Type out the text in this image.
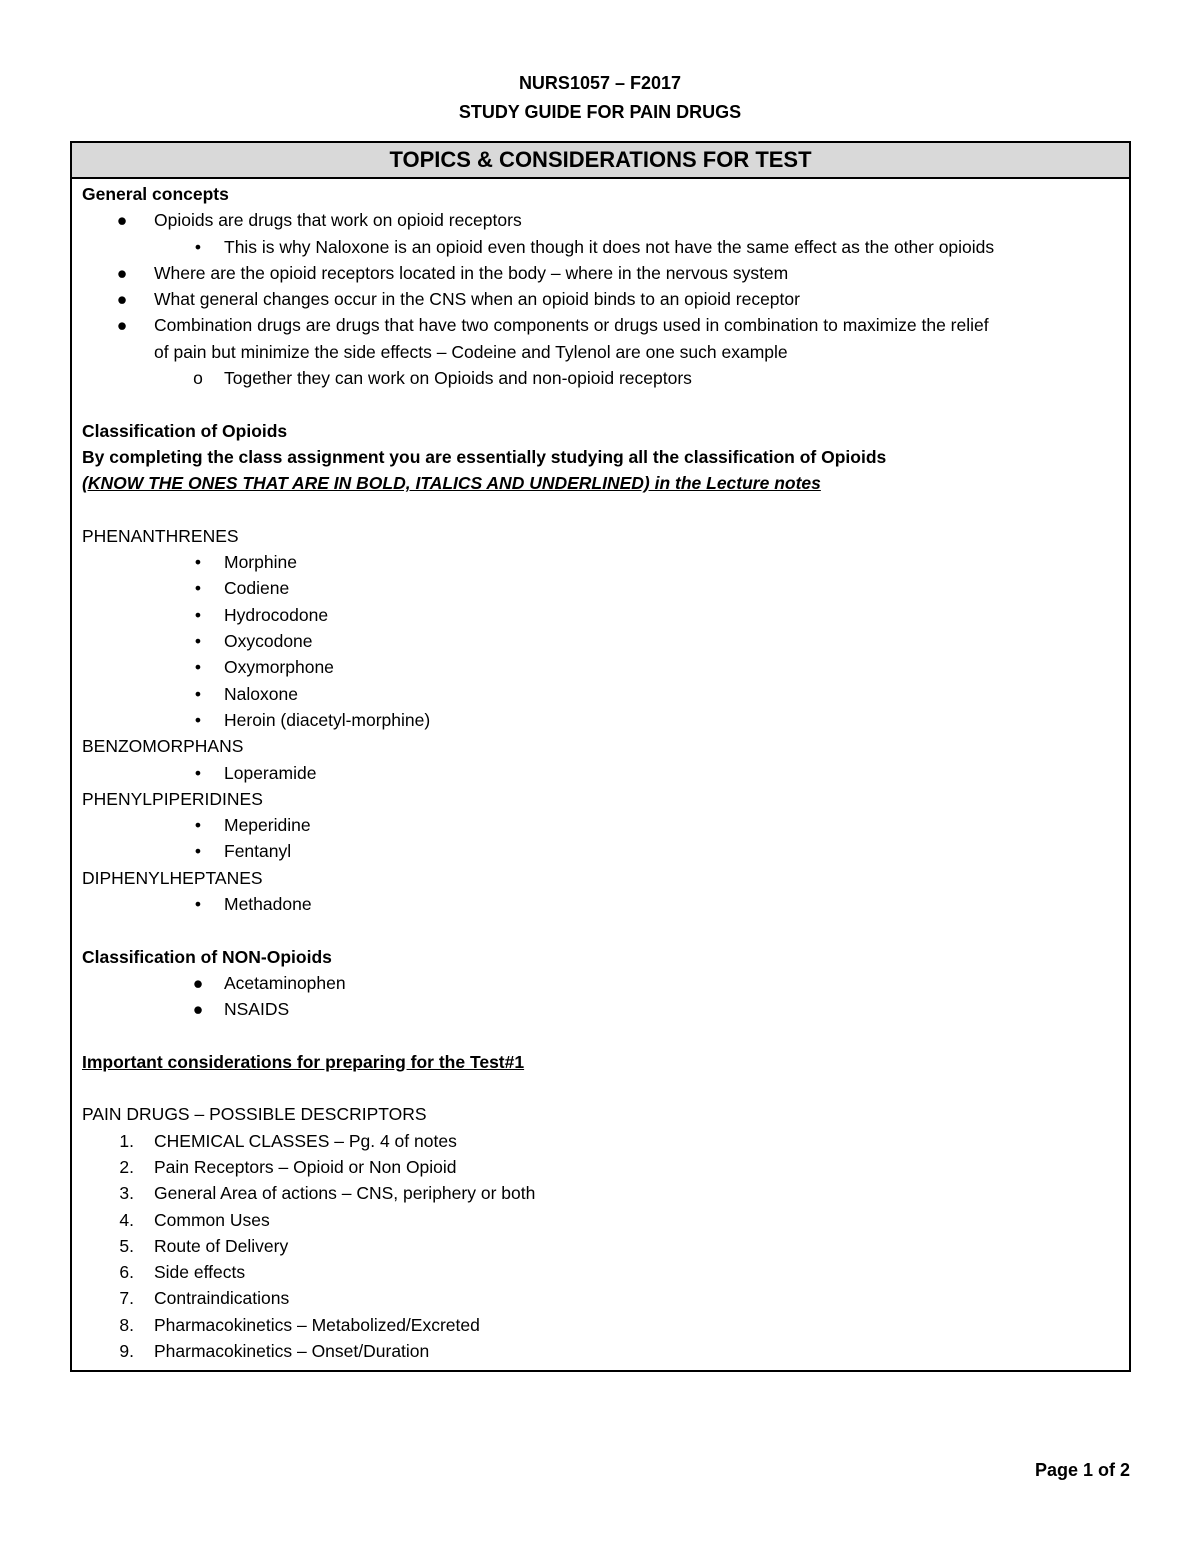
NURS1057 – F2017
STUDY GUIDE FOR PAIN DRUGS
TOPICS & CONSIDERATIONS FOR TEST
General concepts
● Opioids are drugs that work on opioid receptors
•	This is why Naloxone is an opioid even though it does not have the same effect as the other opioids
● Where are the opioid receptors located in the body – where in the nervous system
● What general changes occur in the CNS when an opioid binds to an opioid receptor
● Combination drugs are drugs that have two components or drugs used in combination to maximize the relief
of pain but minimize the side effects – Codeine and Tylenol are one such example
o Together they can work on Opioids and non-opioid receptors
Classification of Opioids
By completing the class assignment you are essentially studying all the classification of Opioids
(KNOW THE ONES THAT ARE IN BOLD, ITALICS AND UNDERLINED) in the Lecture notes
PHENANTHRENES
•	Morphine
•	Codiene
•	Hydrocodone
•	Oxycodone
•	Oxymorphone
•	Naloxone
•	Heroin (diacetyl-morphine)
BENZOMORPHANS
•	Loperamide
PHENYLPIPERIDINES
•	Meperidine
•	Fentanyl
DIPHENYLHEPTANES
•	Methadone
Classification of NON-Opioids
● Acetaminophen
● NSAIDS
Important considerations for preparing for the Test#1
PAIN DRUGS – POSSIBLE DESCRIPTORS
1. CHEMICAL CLASSES – Pg. 4 of notes
2. Pain Receptors – Opioid or Non Opioid
3. General Area of actions – CNS, periphery or both
4. Common Uses
5. Route of Delivery
6. Side effects
7. Contraindications
8. Pharmacokinetics – Metabolized/Excreted
9. Pharmacokinetics – Onset/Duration
Page 1 of 2
